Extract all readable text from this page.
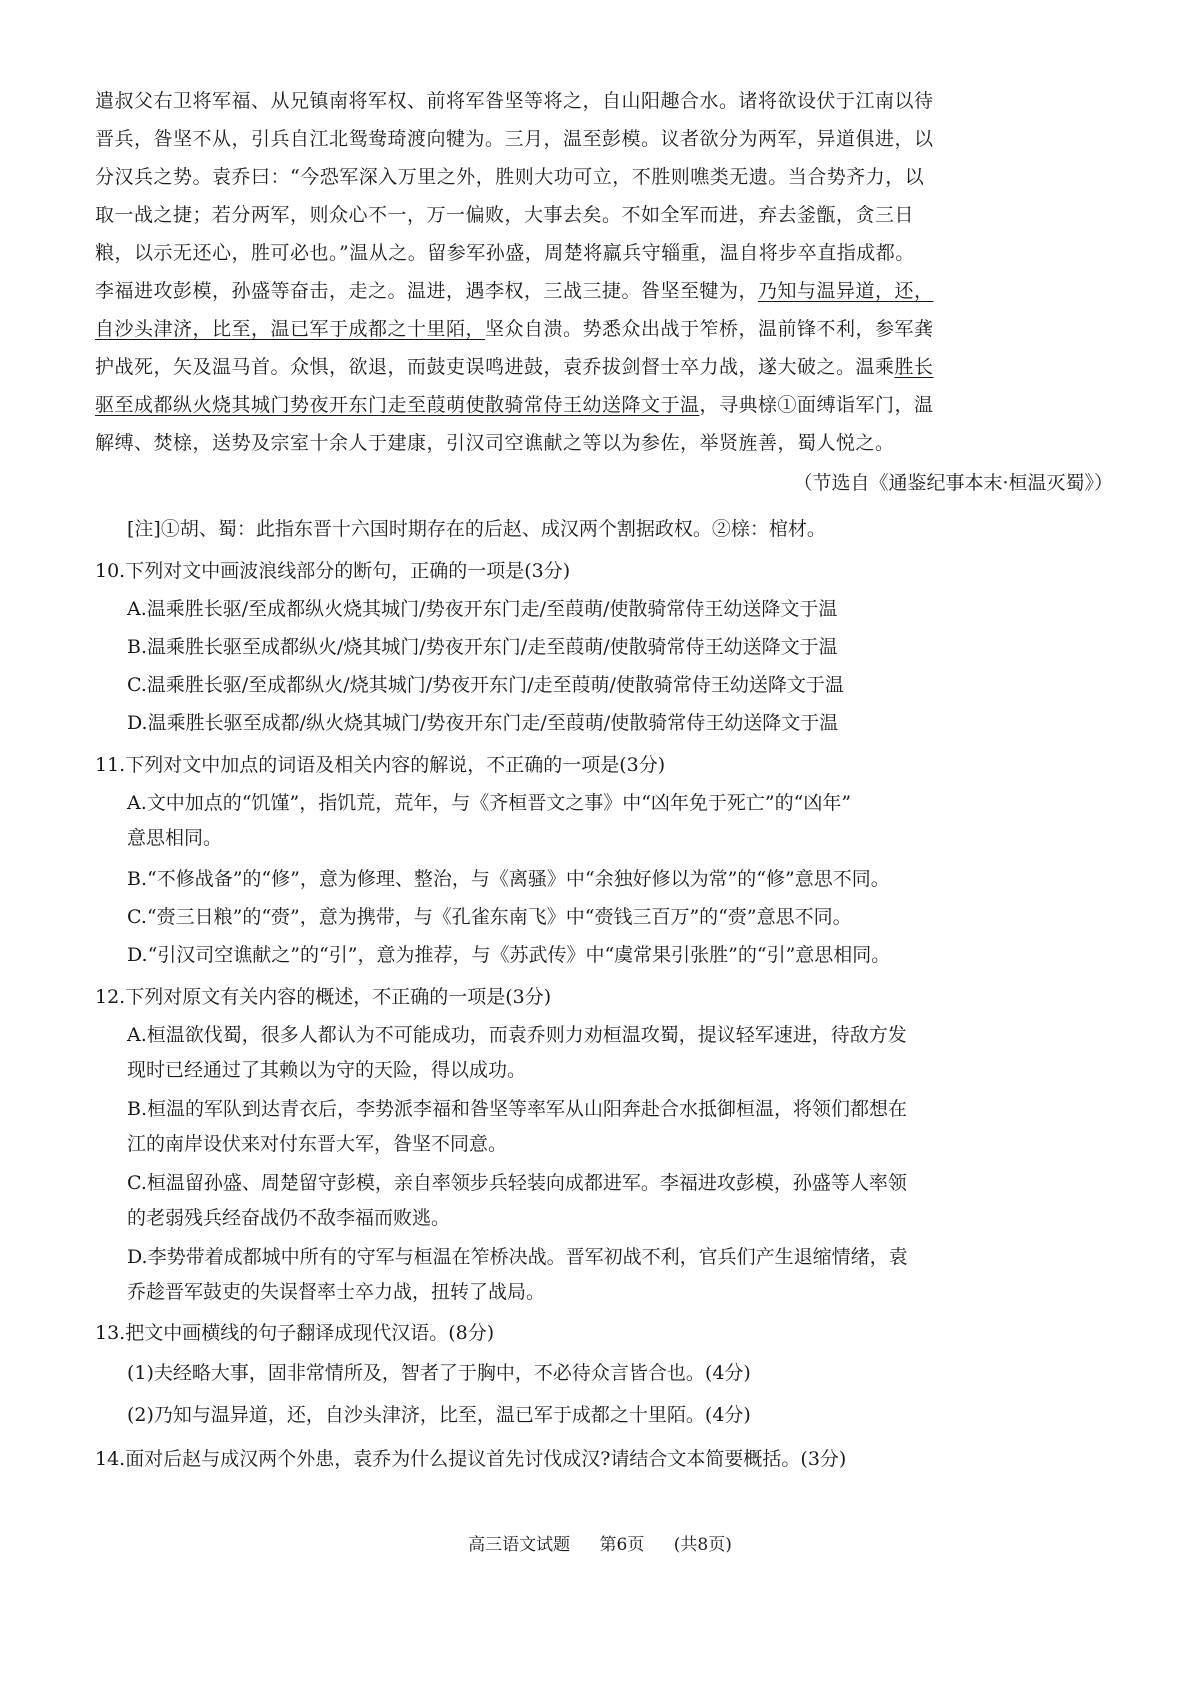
遣叔父右卫将军福、从兄镇南将军权、前将军昝坚等将之，自山阳趣合水。诸将欲设伏于江南以待

晋兵，昝坚不从，引兵自江北鸳鸯琦渡向犍为。三月，温至彭模。议者欲分为两军，异道俱进，以

分汉兵之势。袁乔曰：“今恐军深入万里之外，胜则大功可立，不胜则噍类无遗。当合势齐力，以

取一战之捷；若分两军，则众心不一，万一偏败，大事去矣。不如全军而进，弃去釜甑，贪三日

粮，以示无还心，胜可必也。”温从之。留参军孙盛，周楚将羸兵守辎重，温自将步卒直指成都。

李福进攻彭模，孙盛等奋击，走之。温进，遇李权，三战三捷。昝坚至犍为，乃知与温异道，还，

自沙头津济，比至，温已军于成都之十里陌，坚众自溃。势悉众出战于笮桥，温前锋不利，参军龚

护战死，矢及温马首。众惧，欲退，而鼓吏误鸣进鼓，袁乔拔剑督士卒力战，遂大破之。温乘胜长

驱至成都纵火烧其城门势夜开东门走至葭萌使散骑常侍王幼送降文于温，寻典榇①面缚诣军门，温

解缚、焚榇，送势及宗室十余人于建康，引汉司空谯献之等以为参佐，举贤旌善，蜀人悦之。

（节选自《通鉴纪事本末·桓温灭蜀》）

[注]①胡、蜀：此指东晋十六国时期存在的后赵、成汉两个割据政权。②榇：棺材。

10.下列对文中画波浪线部分的断句，正确的一项是(3分)
A.温乘胜长驱/至成都纵火烧其城门/势夜开东门走/至葭萌/使散骑常侍王幼送降文于温
B.温乘胜长驱至成都纵火/烧其城门/势夜开东门/走至葭萌/使散骑常侍王幼送降文于温
C.温乘胜长驱/至成都纵火/烧其城门/势夜开东门/走至葭萌/使散骑常侍王幼送降文于温
D.温乘胜长驱至成都/纵火烧其城门/势夜开东门走/至葭萌/使散骑常侍王幼送降文于温
11.下列对文中加点的词语及相关内容的解说，不正确的一项是(3分)
A.文中加点的“饥馑”，指饥荒，荒年，与《齐桓晋文之事》中“凶年免于死亡”的“凶年”
意思相同。
B.“不修战备”的“修”，意为修理、整治，与《离骚》中“余独好修以为常”的“修”意思不同。
C.“赍三日粮”的“赍”，意为携带，与《孔雀东南飞》中“赍钱三百万”的“赍”意思不同。
D.“引汉司空谯献之”的“引”，意为推荐，与《苏武传》中“虞常果引张胜”的“引”意思相同。
12.下列对原文有关内容的概述，不正确的一项是(3分)
A.桓温欲伐蜀，很多人都认为不可能成功，而袁乔则力劝桓温攻蜀，提议轻军速进，待敌方发
现时已经通过了其赖以为守的天险，得以成功。
B.桓温的军队到达青衣后，李势派李福和昝坚等率军从山阳奔赴合水抵御桓温，将领们都想在
江的南岸设伏来对付东晋大军，昝坚不同意。
C.桓温留孙盛、周楚留守彭模，亲自率领步兵轻装向成都进军。李福进攻彭模，孙盛等人率领
的老弱残兵经奋战仍不敌李福而败逃。
D.李势带着成都城中所有的守军与桓温在笮桥决战。晋军初战不利，官兵们产生退缩情绪，袁
乔趁晋军鼓吏的失误督率士卒力战，扭转了战局。
13.把文中画横线的句子翻译成现代汉语。(8分)
(1)夫经略大事，固非常情所及，智者了于胸中，不必待众言皆合也。(4分)
(2)乃知与温异道，还，自沙头津济，比至，温已军于成都之十里陌。(4分)
14.面对后赵与成汉两个外患，袁乔为什么提议首先讨伐成汉?请结合文本简要概括。(3分)
高三语文试题 第6页 (共8页)
